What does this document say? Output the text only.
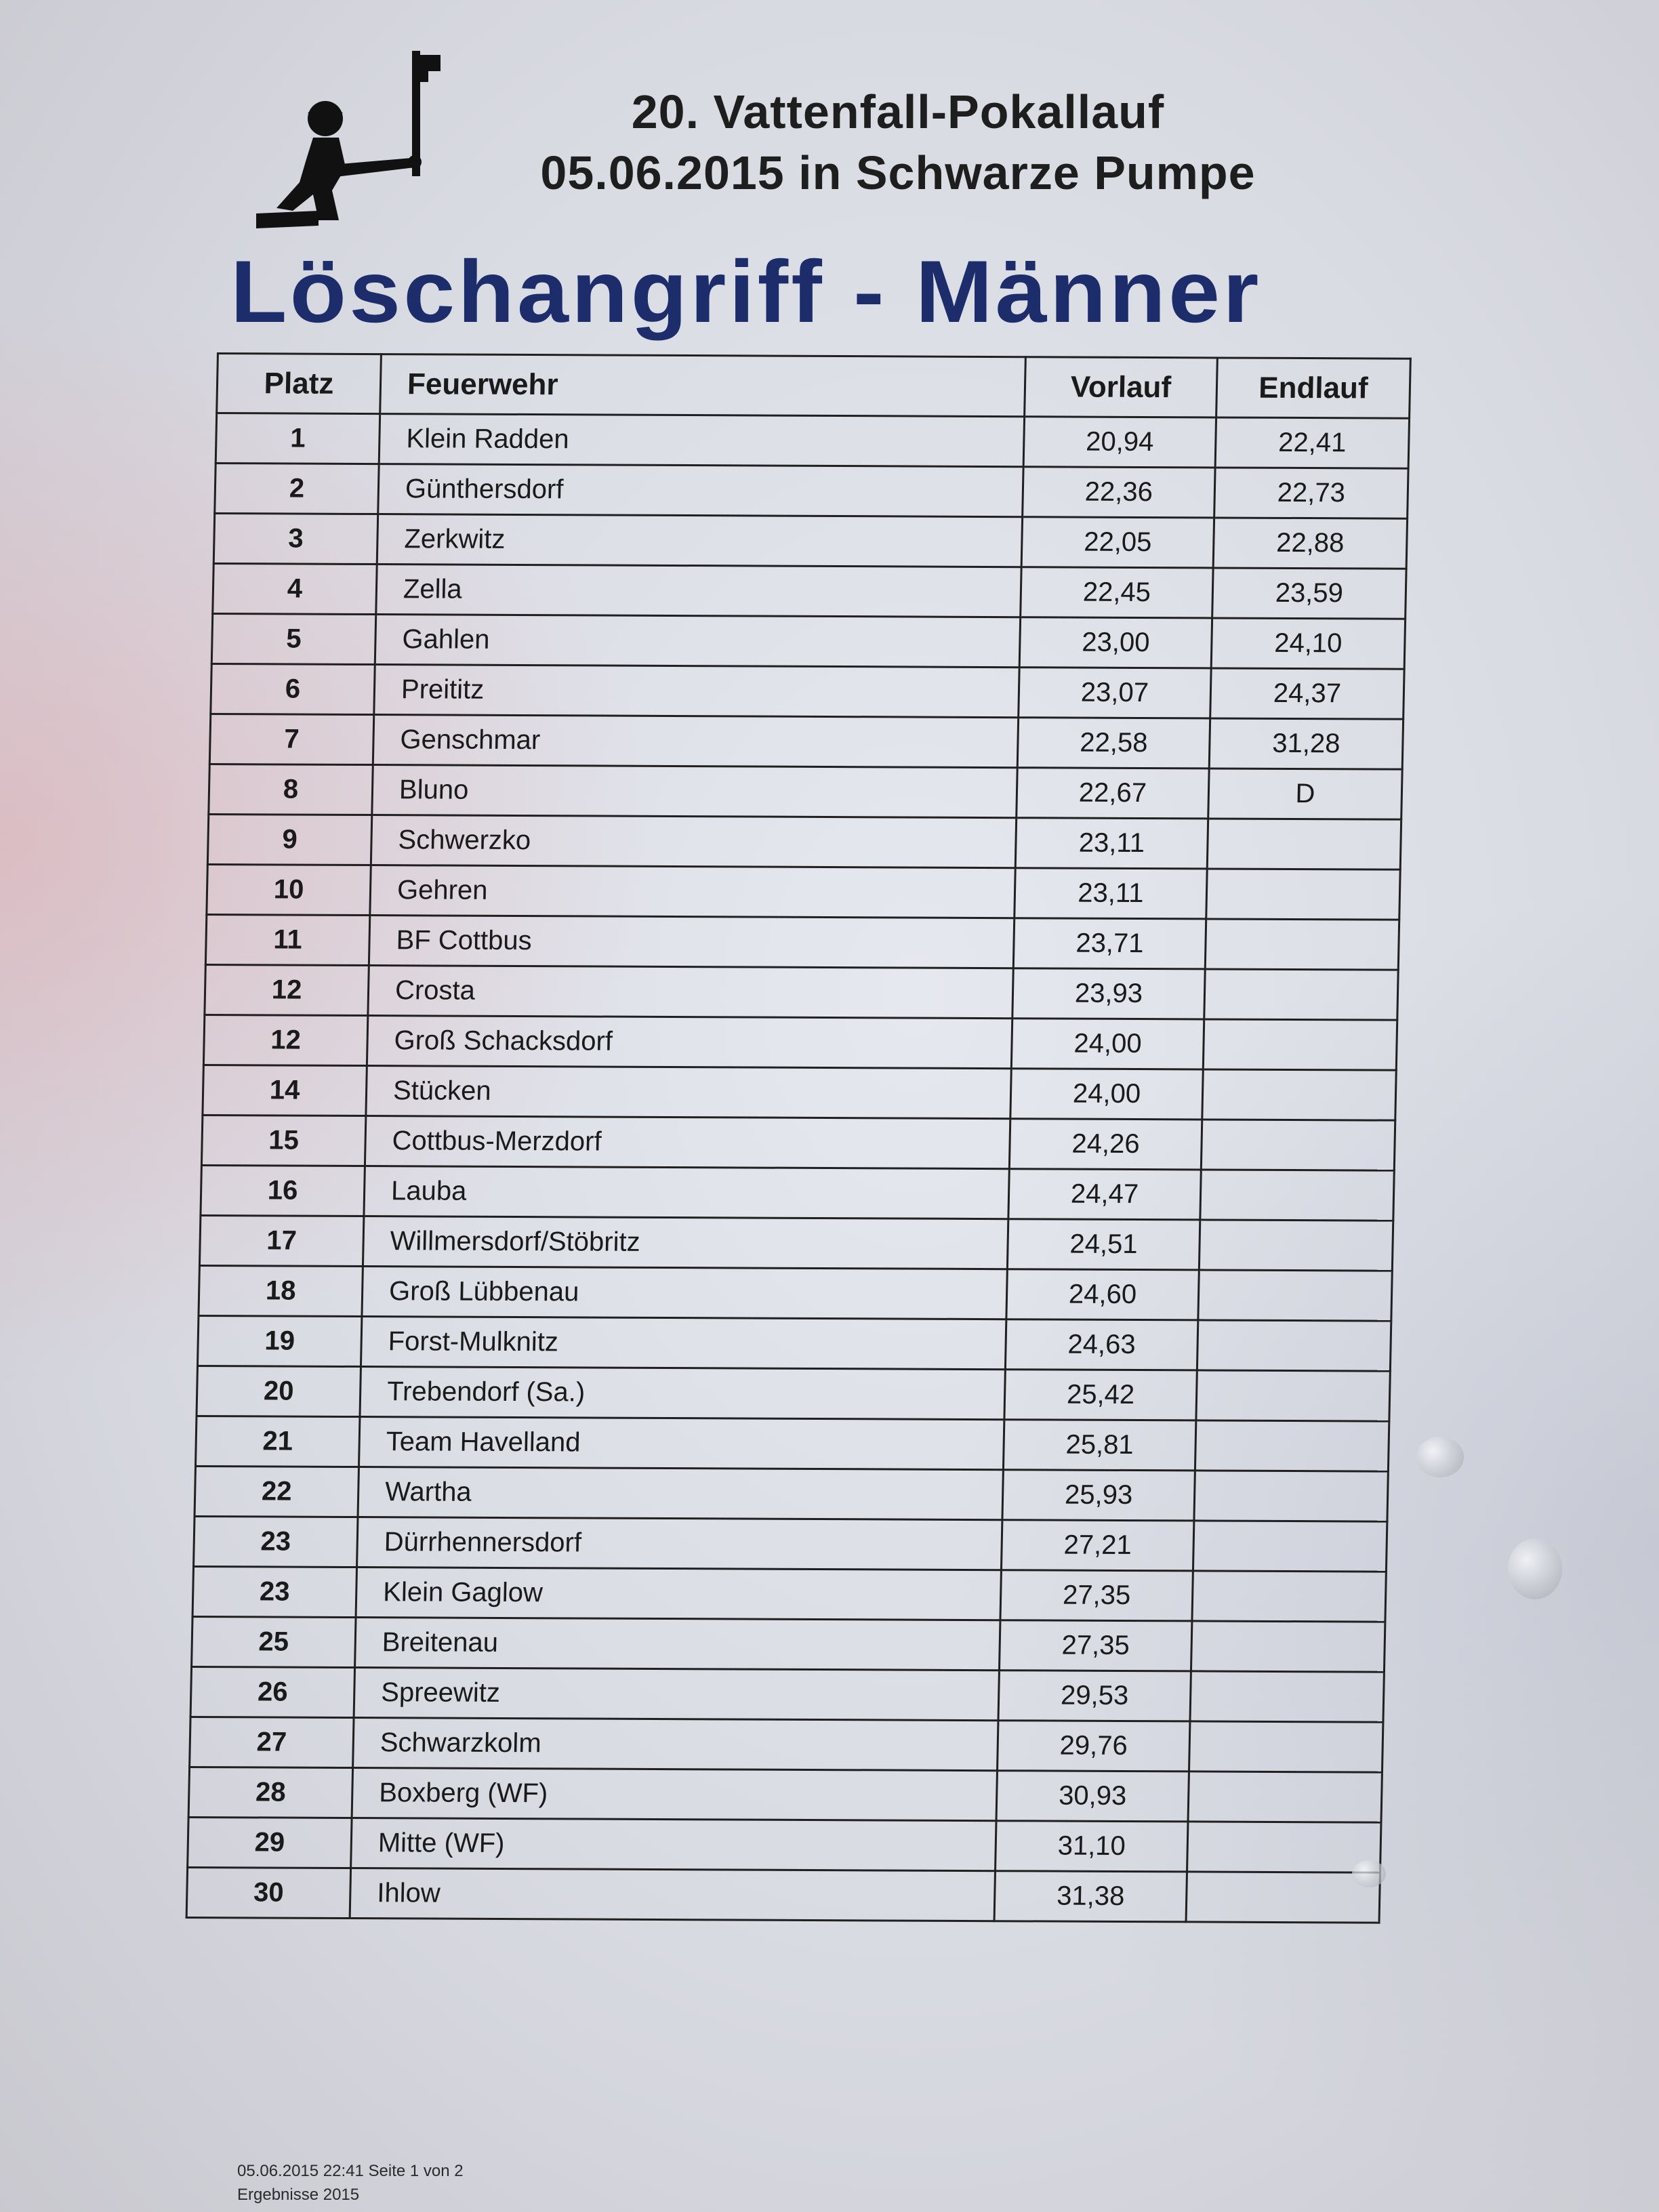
20. Vattenfall-Pokallauf
05.06.2015 in Schwarze Pumpe
Löschangriff - Männer
Platz	Feuerwehr	Vorlauf	Endlauf
1	Klein Radden	20,94	22,41
2	Günthersdorf	22,36	22,73
3	Zerkwitz	22,05	22,88
4	Zella	22,45	23,59
5	Gahlen	23,00	24,10
6	Preititz	23,07	24,37
7	Genschmar	22,58	31,28
8	Bluno	22,67	D
9	Schwerzko	23,11	
10	Gehren	23,11	
11	BF Cottbus	23,71	
12	Crosta	23,93	
12	Groß Schacksdorf	24,00	
14	Stücken	24,00	
15	Cottbus-Merzdorf	24,26	
16	Lauba	24,47	
17	Willmersdorf/Stöbritz	24,51	
18	Groß Lübbenau	24,60	
19	Forst-Mulknitz	24,63	
20	Trebendorf (Sa.)	25,42	
21	Team Havelland	25,81	
22	Wartha	25,93	
23	Dürrhennersdorf	27,21	
23	Klein Gaglow	27,35	
25	Breitenau	27,35	
26	Spreewitz	29,53	
27	Schwarzkolm	29,76	
28	Boxberg (WF)	30,93	
29	Mitte (WF)	31,10	
30	Ihlow	31,38	
05.06.2015 22:41 Seite 1 von 2
Ergebnisse 2015
